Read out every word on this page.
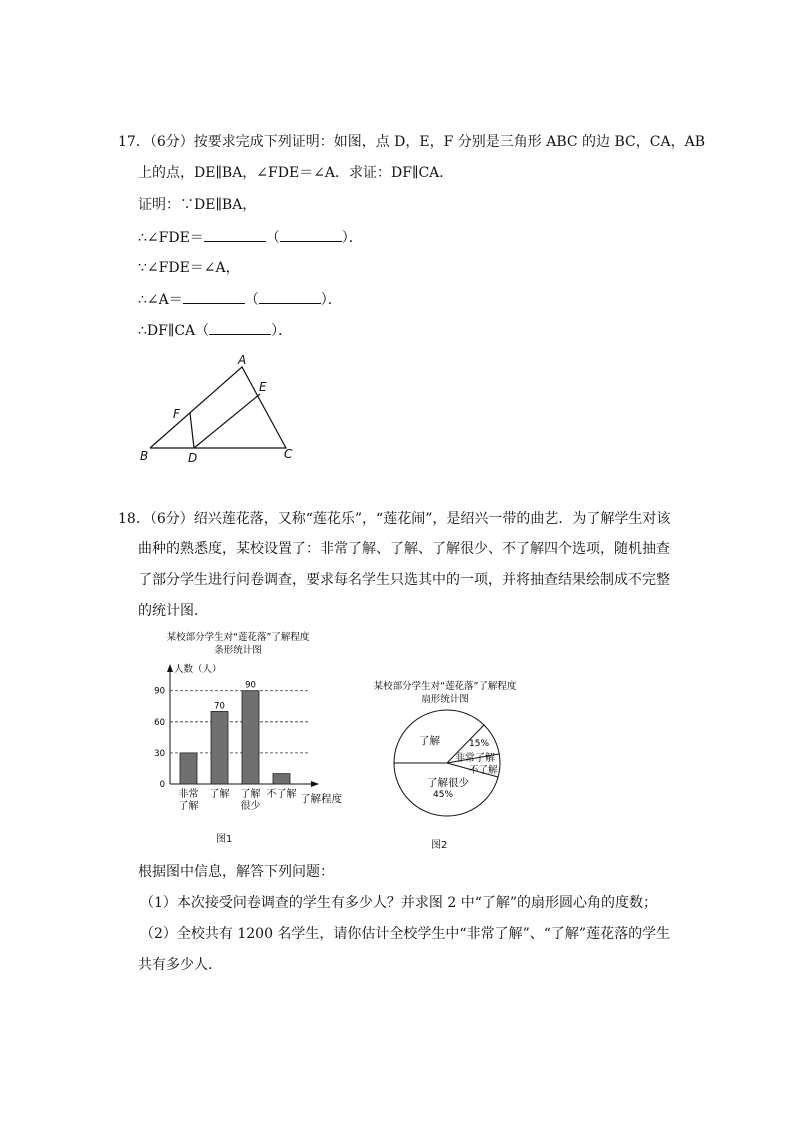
17．（6分）按要求完成下列证明：如图，点 D，E，F 分别是三角形 ABC 的边 BC，CA，AB
上的点，DE∥BA，∠FDE＝∠A．求证：DF∥CA．
证明：∵DE∥BA，
∴∠FDE＝	（	）．
∵∠FDE＝∠A，
∴∠A＝	（	）．
∴DF∥CA（	）．
A
E
F
B	D	C
18．（6分）绍兴莲花落，又称“莲花乐”，“莲花闹”，是绍兴一带的曲艺．为了解学生对该
曲种的熟悉度，某校设置了：非常了解、了解、了解很少、不了解四个选项，随机抽查
了部分学生进行问卷调查，要求每名学生只选其中的一项，并将抽查结果绘制成不完整
的统计图．
某校部分学生对“莲花落”了解程度
条形统计图
人数（人）
了解程度
0
30
60
90
70
90
非常
了解
了解 了解
很少
不了解
图1
某校部分学生对“莲花落”了解程度
扇形统计图
了解	15%
非常了解
不了解
了解很少
45%
图2
根据图中信息，解答下列问题：
（1）本次接受问卷调查的学生有多少人？并求图 2 中“了解”的扇形圆心角的度数；
（2）全校共有 1200 名学生，请你估计全校学生中“非常了解”、“了解”莲花落的学生
共有多少人．
